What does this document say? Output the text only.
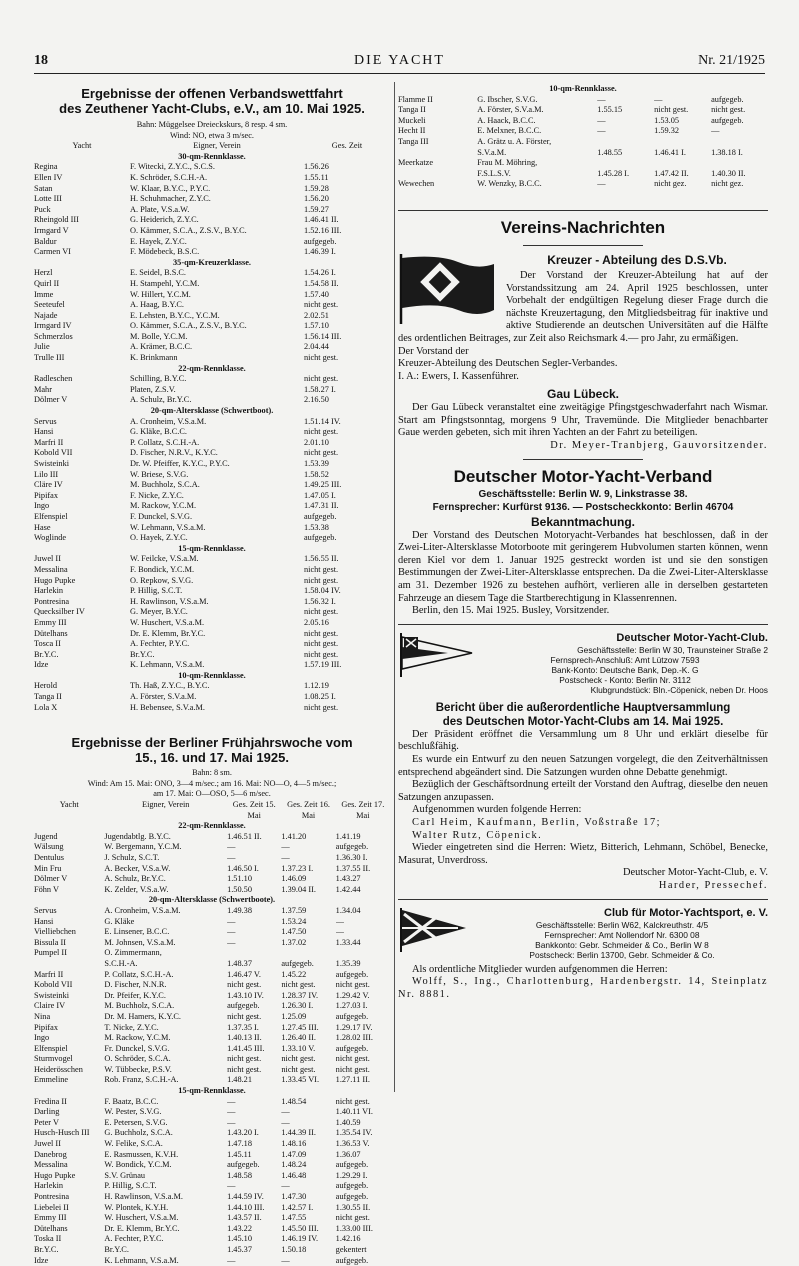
18	DIE YACHT	Nr. 21/1925
Ergebnisse der offenen Verbandswettfahrt
des Zeuthener Yacht-Clubs, e.V., am 10. Mai 1925.
Bahn: Müggelsee Dreieckskurs, 8 resp. 4 sm.
Wind: NO, etwa 3 m/sec.
Yacht	Eigner, Verein	Ges. Zeit
30-qm-Rennklasse.		
Regina	F. Witecki, Z.Y.C., S.C.S.	1.56.26
Ellen IV	K. Schröder, S.C.H.-A.	1.55.11
Satan	W. Klaar, B.Y.C., P.Y.C.	1.59.28
Lotte III	H. Schuhmacher, Z.Y.C.	1.56.20
Puck	A. Plate, V.S.a.W.	1.59.27
Rheingold III	G. Heiderich, Z.Y.C.	1.46.41 II.
Irmgard V	O. Kämmer, S.C.A., Z.S.V., B.Y.C.	1.52.16 III.
Baldur	E. Hayek, Z.Y.C.	aufgegeb.
Carmen VI	F. Mödebeck, B.S.C.	1.46.39 I.
35-qm-Kreuzerklasse.		
Herzl	E. Seidel, B.S.C.	1.54.26 I.
Quirl II	H. Stampehl, Y.C.M.	1.54.58 II.
Imme	W. Hillert, Y.C.M.	1.57.40
Seeteufel	A. Haag, B.Y.C.	nicht gest.
Najade	E. Lehsten, B.Y.C., Y.C.M.	2.02.51
Irmgard IV	O. Kämmer, S.C.A., Z.S.V., B.Y.C.	1.57.10
Schmerzlos	M. Bolle, Y.C.M.	1.56.14 III.
Julie	A. Krämer, B.C.C.	2.04.44
Trulle III	K. Brinkmann	nicht gest.
22-qm-Rennklasse.		
Radleschen	Schilling, B.Y.C.	nicht gest.
Mahr	Platen, Z.S.V.	1.58.27 I.
Dölmer V	A. Schulz, Br.Y.C.	2.16.50
20-qm-Altersklasse (Schwertboot).		
Servus	A. Cronheim, V.S.a.M.	1.51.14 IV.
Hansi	G. Kläke, B.C.C.	nicht gest.
Marfri II	P. Collatz, S.C.H.-A.	2.01.10
Kobold VII	D. Fischer, N.R.V., K.Y.C.	nicht gest.
Swisteinki	Dr. W. Pfeiffer, K.Y.C., P.Y.C.	1.53.39
Lilo III	W. Briese, S.V.G.	1.58.52
Cläre IV	M. Buchholz, S.C.A.	1.49.25 III.
Pipifax	F. Nicke, Z.Y.C.	1.47.05 I.
Ingo	M. Rackow, Y.C.M.	1.47.31 II.
Elfenspiel	F. Dunckel, S.V.G.	aufgegeb.
Hase	W. Lehmann, V.S.a.M.	1.53.38
Woglinde	O. Hayek, Z.Y.C.	aufgegeb.
15-qm-Rennklasse.		
Juwel II	W. Feilcke, V.S.a.M.	1.56.55 II.
Messalina	F. Bondick, Y.C.M.	nicht gest.
Hugo Pupke	O. Repkow, S.V.G.	nicht gest.
Harlekin	P. Hillig, S.C.T.	1.58.04 IV.
Pontresina	H. Rawlinson, V.S.a.M.	1.56.32 I.
Quecksilber IV	G. Meyer, B.Y.C.	nicht gest.
Emmy III	W. Huschert, V.S.a.M.	2.05.16
Dütelhans	Dr. E. Klemm, Br.Y.C.	nicht gest.
Tosca II	A. Fechter, P.Y.C.	nicht gest.
Br.Y.C.	Br.Y.C.	nicht gest.
Idze	K. Lehmann, V.S.a.M.	1.57.19 III.
10-qm-Rennklasse.		
Herold	Th. Haß, Z.Y.C., B.Y.C.	1.12.19
Tanga II	A. Förster, S.V.a.M.	1.08.25 I.
Lola X	H. Bebensee, S.V.a.M.	nicht gest.
Ergebnisse der Berliner Frühjahrswoche vom
15., 16. und 17. Mai 1925.
Bahn: 8 sm.
Wind: Am 15. Mai: ONO, 3—4 m/sec.; am 16. Mai: NO—O, 4—5 m/sec.;
am 17. Mai: O—OSO, 5—6 m/sec.
Yacht	Eigner, Verein	Ges. Zeit 15. Mai	Ges. Zeit 16. Mai	Ges. Zeit 17. Mai
22-qm-Rennklasse.				
Jugend	Jugendabtlg. B.Y.C.	1.46.51 II.	1.41.20	1.41.19
Wälsung	W. Bergemann, Y.C.M.	—	—	aufgegeb.
Dentulus	J. Schulz, S.C.T.	—	—	1.36.30 I.
Min Fru	A. Becker, V.S.a.W.	1.46.50 I.	1.37.23 I.	1.37.55 II.
Dölmer V	A. Schulz, Br.Y.C.	1.51.10	1.46.09	1.43.27
Föhn V	K. Zelder, V.S.a.W.	1.50.50	1.39.04 II.	1.42.44
20-qm-Altersklasse (Schwertboote).				
Servus	A. Cronheim, V.S.a.M.	1.49.38	1.37.59	1.34.04
Hansi	G. Kläke	—	1.53.24	—
Vielliebchen	E. Linsener, B.C.C.	—	1.47.50	—
Bissula II	M. Johnsen, V.S.a.M.	—	1.37.02	1.33.44
Pumpel II	O. Zimmermann,			
	S.C.H.-A.	1.48.37	aufgegeb.	1.35.39
Marfri II	P. Collatz, S.C.H.-A.	1.46.47 V.	1.45.22	aufgegeb.
Kobold VII	D. Fischer, N.N.R.	nicht gest.	nicht gest.	nicht gest.
Swisteinki	Dr. Pfeifer, K.Y.C.	1.43.10 IV.	1.28.37 IV.	1.29.42 V.
Claire IV	M. Buchholz, S.C.A.	aufgegeb.	1.26.30 I.	1.27.03 I.
Nina	Dr. M. Hamers, K.Y.C.	nicht gest.	1.25.09	aufgegeb.
Pipifax	T. Nicke, Z.Y.C.	1.37.35 I.	1.27.45 III.	1.29.17 IV.
Ingo	M. Rackow, Y.C.M.	1.40.13 II.	1.26.40 II.	1.28.02 III.
Elfenspiel	Fr. Dunckel, S.V.G.	1.41.45 III.	1.33.10 V.	aufgegeb.
Sturmvogel	O. Schröder, S.C.A.	nicht gest.	nicht gest.	nicht gest.
Heiderösschen	W. Tübbecke, P.S.V.	nicht gest.	nicht gest.	nicht gest.
Emmeline	Rob. Franz, S.C.H.-A.	1.48.21	1.33.45 VI.	1.27.11 II.
15-qm-Rennklasse.				
Fredina II	F. Baatz, B.C.C.	—	1.48.54	nicht gest.
Darling	W. Pester, S.V.G.	—	—	1.40.11 VI.
Peter V	E. Petersen, S.V.G.	—	—	1.40.59
Husch-Husch III	G. Buchholz, S.C.A.	1.43.20 I.	1.44.39 II.	1.35.54 IV.
Juwel II	W. Felike, S.C.A.	1.47.18	1.48.16	1.36.53 V.
Danebrog	E. Rasmussen, K.V.H.	1.45.11	1.47.09	1.36.07
Messalina	W. Bondick, Y.C.M.	aufgegeb.	1.48.24	aufgegeb.
Hugo Pupke	S.V. Grünau	1.48.58	1.46.48	1.29.29 I.
Harlekin	P. Hillig, S.C.T.	—	—	aufgegeb.
Pontresina	H. Rawlinson, V.S.a.M.	1.44.59 IV.	1.47.30	aufgegeb.
Liebelei II	W. Plontek, K.Y.H.	1.44.10 III.	1.42.57 I.	1.30.55 II.
Emmy III	W. Huschert, V.S.a.M.	1.43.57 II.	1.47.55	nicht gest.
Dütelhans	Dr. E. Klemm, Br.Y.C.	1.43.22	1.45.50 III.	1.33.00 III.
Toska II	A. Fechter, P.Y.C.	1.45.10	1.46.19 IV.	1.42.16
Br.Y.C.	Br.Y.C.	1.45.37	1.50.18	gekentert
Idze	K. Lehmann, V.S.a.M.	—	—	aufgegeb.
10-qm-Rennklasse.
Flamme II	G. Ibscher, S.V.G.	—	—	aufgegeb.
Tanga II	A. Förster, S.V.a.M.	1.55.15	nicht gest.	nicht gest.
Muckeli	A. Haack, B.C.C.	—	1.53.05	aufgegeb.
Hecht II	E. Melxner, B.C.C.	—	1.59.32	—
Tanga III	A. Grätz u. A. Förster,			
	S.V.a.M.	1.48.55	1.46.41 I.	1.38.18 I.
Meerkatze	Frau M. Möhring,			
	F.S.L.S.V.	1.45.28 I.	1.47.42 II.	1.40.30 II.
Wewechen	W. Wenzky, B.C.C.	—	nicht gez.	nicht gez.
Vereins-Nachrichten
Kreuzer - Abteilung des D.S.Vb.

Der Vorstand der Kreuzer-Abteilung hat auf der Vorstandssitzung am 24. April 1925 beschlossen, unter Vorbehalt der endgültigen Regelung dieser Frage durch die nächste Kreuzertagung, den Mitgliedsbeitrag für inaktive und aktive Studierende an deutschen Universitäten auf die Hälfte des ordentlichen Beitrages, zur Zeit also Reichsmark 4.— pro Jahr, zu ermäßigen.

Der Vorstand der
Kreuzer-Abteilung des Deutschen Segler-Verbandes.
I. A.: Ewers, I. Kassenführer.
Gau Lübeck.

Der Gau Lübeck veranstaltet eine zweitägige Pfingstgeschwaderfahrt nach Wismar. Start am Pfingstsonntag, morgens 9 Uhr, Travemünde. Die Mitglieder benachbarter Gaue werden gebeten, sich mit ihren Yachten an der Fahrt zu beteiligen.

Dr. Meyer-Tranbjerg, Gauvorsitzender.
Deutscher Motor-Yacht-Verband
Geschäftsstelle: Berlin W. 9, Linkstrasse 38.
Fernsprecher: Kurfürst 9136. — Postscheckkonto: Berlin 46704
Bekanntmachung.

Der Vorstand des Deutschen Motoryacht-Verbandes hat beschlossen, daß in der Zwei-Liter-Altersklasse Motorboote mit geringerem Hubvolumen starten können, wenn deren Kiel vor dem 1. Januar 1925 gestreckt worden ist und sie den sonstigen Bestimmungen der Zwei-Liter-Altersklasse entsprechen. Da die Zwei-Liter-Altersklasse am 31. Dezember 1926 zu bestehen aufhört, verlieren alle in derselben gestarteten Fahrzeuge an diesem Tage die Startberechtigung in Klassenrennen.

Berlin, den 15. Mai 1925. Busley, Vorsitzender.
Deutscher Motor-Yacht-Club.
Geschäftsstelle: Berlin W 30, Traunsteiner Straße 2
Fernsprech-Anschluß: Amt Lützow 7593
Bank-Konto: Deutsche Bank, Dep.-K. G
Postscheck - Konto: Berlin Nr. 3112
Klubgrundstück: Bln.-Cöpenick, neben Dr. Hoos
Bericht über die außerordentliche Hauptversammlung
des Deutschen Motor-Yacht-Clubs am 14. Mai 1925.

Der Präsident eröffnet die Versammlung um 8 Uhr und erklärt dieselbe für beschlußfähig.

Es wurde ein Entwurf zu den neuen Satzungen vorgelegt, die den Zeitverhältnissen entsprechend abgeändert sind. Die Satzungen wurden ohne Debatte genehmigt.

Bezüglich der Geschäftsordnung erteilt der Vorstand den Auftrag, dieselbe den neuen Satzungen anzupassen.

Aufgenommen wurden folgende Herren:

Carl Heim, Kaufmann, Berlin, Voßstraße 17;

Walter Rutz, Cöpenick.

Wieder eingetreten sind die Herren: Wietz, Bitterich, Lehmann, Schöbel, Benecke, Masurat, Unverdross.

Deutscher Motor-Yacht-Club, e. V.
Harder, Pressechef.
Club für Motor-Yachtsport, e. V.
Geschäftsstelle: Berlin W62, Kalckreuthstr. 4/5
Fernsprecher: Amt Nollendorf Nr. 6300 08
Bankkonto: Gebr. Schmeider & Co., Berlin W 8
Postscheck: Berlin 13700, Gebr. Schmeider & Co.

Als ordentliche Mitglieder wurden aufgenommen die Herren:

Wolff, S., Ing., Charlottenburg, Hardenbergstr. 14, Steinplatz Nr. 8881.
